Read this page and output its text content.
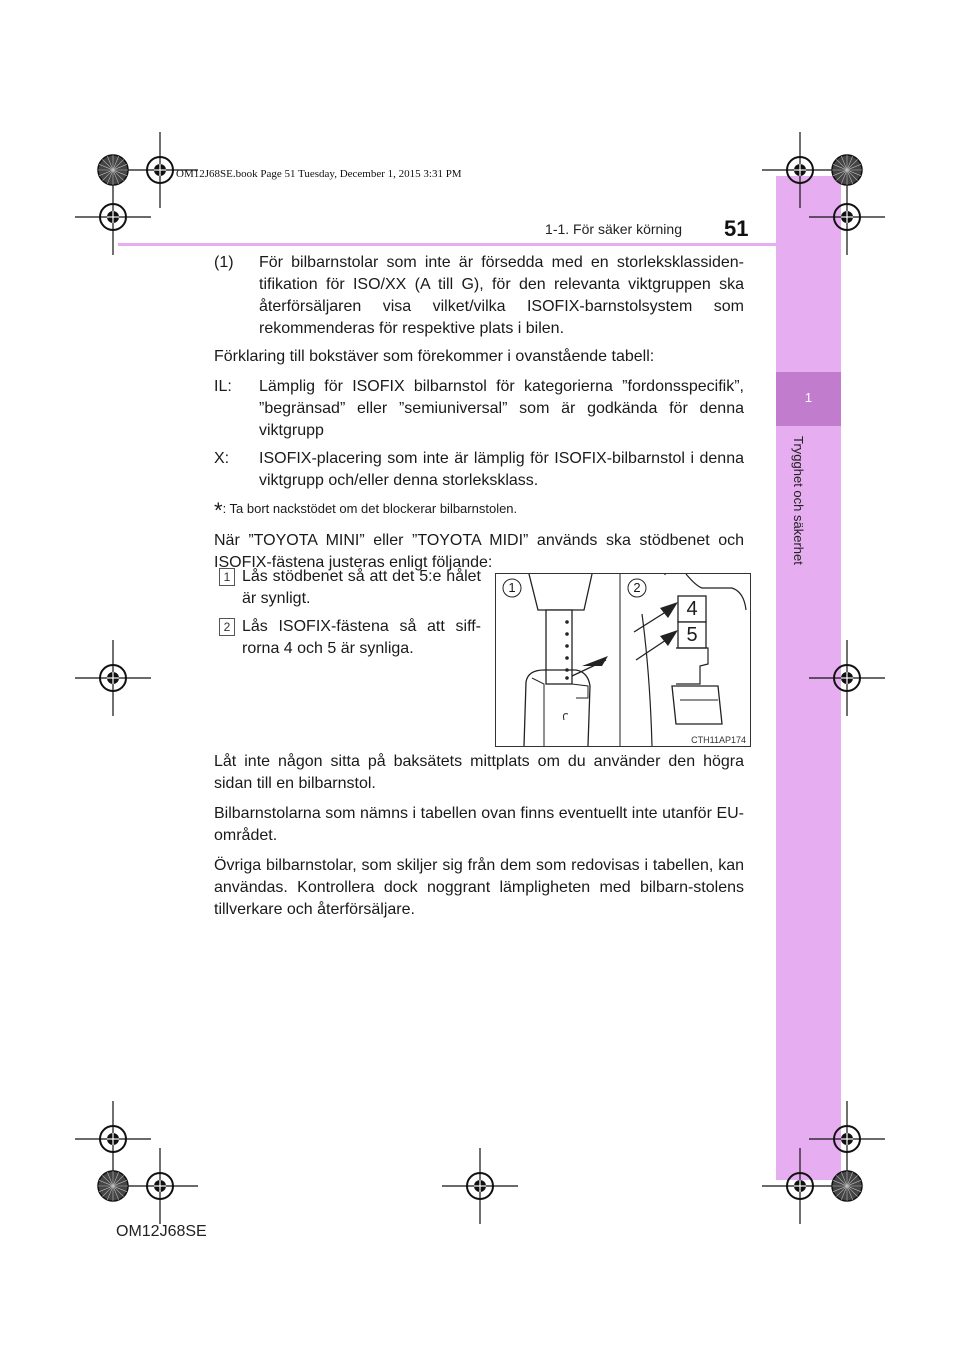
1
Trygghet och säkerhet
OM12J68SE.book Page 51 Tuesday, December 1, 2015 3:31 PM
1-1. För säker körning 51
(1)	För bilbarnstolar som inte är försedda med en storleksklassiden-tifikation för ISO/XX (A till G), för den relevanta viktgruppen ska återförsäljaren visa vilket/vilka ISOFIX-barnstolsystem som rekommenderas för respektive plats i bilen.

Förklaring till bokstäver som förekommer i ovanstående tabell:

IL:	Lämplig för ISOFIX bilbarnstol för kategorierna ”fordonsspecifik”, ”begränsad” eller ”semiuniversal” som är godkända för denna viktgrupp
X:	ISOFIX-placering som inte är lämplig för ISOFIX-bilbarnstol i denna viktgrupp och/eller denna storleksklass.

*: Ta bort nackstödet om det blockerar bilbarnstolen.

När ”TOYOTA MINI” eller ”TOYOTA MIDI” används ska stödbenet och ISOFIX-fästena justeras enligt följande:

1 Lås stödbenet så att det 5:e hålet är synligt.
2 Lås ISOFIX-fästena så att siff-rorna 4 och 5 är synliga.
1	2
4
5
CTH11AP174

Låt inte någon sitta på baksätets mittplats om du använder den högra sidan till en bilbarnstol.

Bilbarnstolarna som nämns i tabellen ovan finns eventuellt inte utanför EU-området.

Övriga bilbarnstolar, som skiljer sig från dem som redovisas i tabellen, kan användas. Kontrollera dock noggrant lämpligheten med bilbarn-stolens tillverkare och återförsäljare.

OM12J68SE
